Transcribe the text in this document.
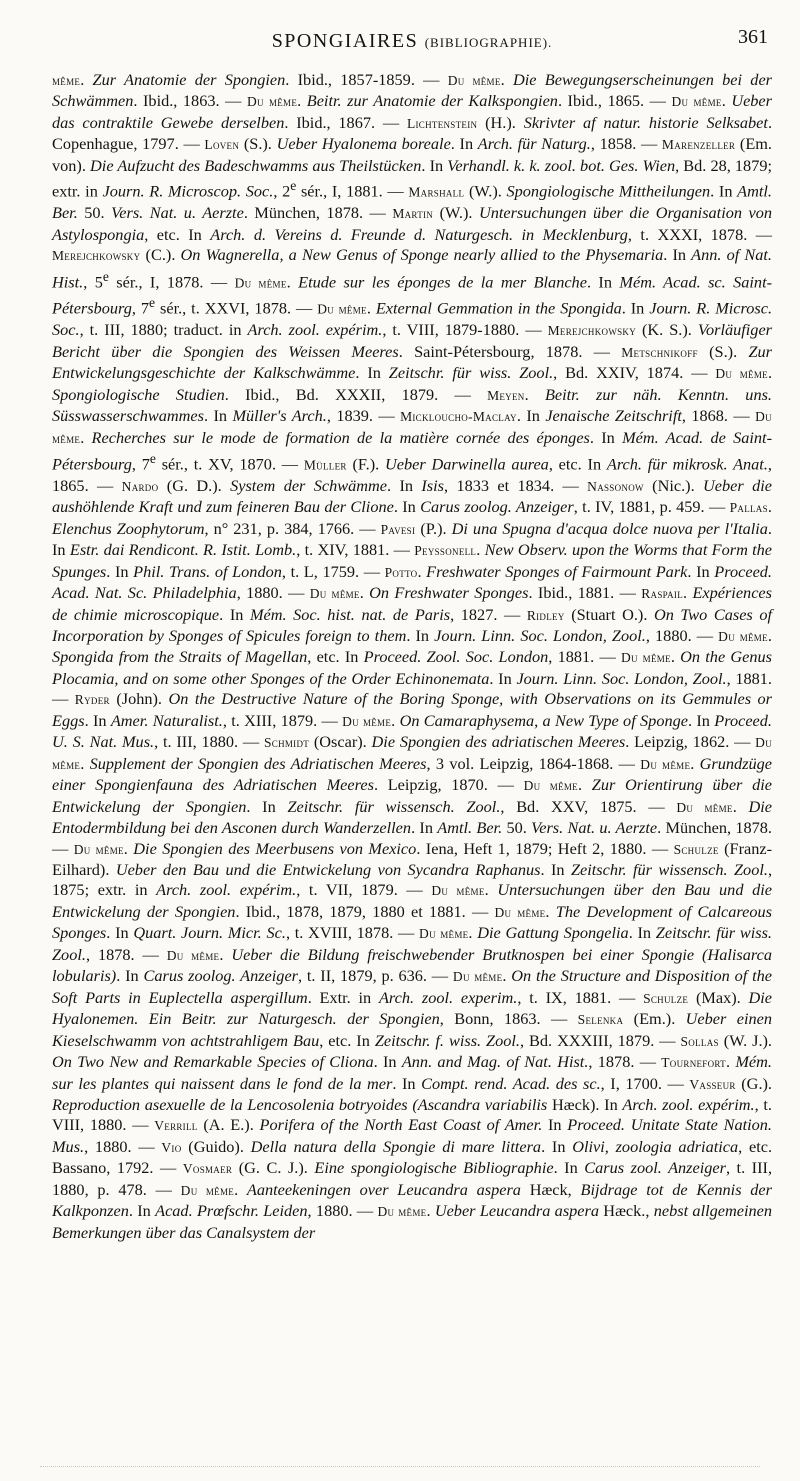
SPONGIAIRES (BIBLIOGRAPHIE).	361
même. Zur Anatomie der Spongien. Ibid., 1857-1859. — Du même. Die Bewegungserscheinungen bei der Schwämmen. Ibid., 1863. — Du même. Beitr. zur Anatomie der Kalkspongien. Ibid., 1865. — Du même. Ueber das contraktile Gewebe derselben. Ibid., 1867. — Lichtenstein (H.). Skrivter af natur. historie Selksabet. Copenhague, 1797. — Loven (S.). Ueber Hyalonema boreale. In Arch. für Naturg., 1858. — Marenzeller (Em. von). Die Aufzucht des Badeschwamms aus Theilstücken. In Verhandl. k. k. zool. bot. Ges. Wien, Bd. 28, 1879; extr. in Journ. R. Microscop. Soc., 2e sér., I, 1881. — Marshall (W.). Spongiologische Mittheilungen. In Amtl. Ber. 50. Vers. Nat. u. Aerzte. München, 1878. — Martin (W.). Untersuchungen über die Organisation von Astylospongia, etc. In Arch. d. Vereins d. Freunde d. Naturgesch. in Mecklenburg, t. XXXI, 1878. — Merejchkowsky (C.). On Wagnerella, a New Genus of Sponge nearly allied to the Physemaria. In Ann. of Nat. Hist., 5e sér., I, 1878. — Du même. Etude sur les éponges de la mer Blanche. In Mém. Acad. sc. Saint-Pétersbourg, 7e sér., t. XXVI, 1878. — Du même. External Gemmation in the Spongida. In Journ. R. Microsc. Soc., t. III, 1880; traduct. in Arch. zool. expérim., t. VIII, 1879-1880. — Merejchkowsky (K. S.). Vorläufiger Bericht über die Spongien des Weissen Meeres. Saint-Pétersbourg, 1878. — Metschnikoff (S.). Zur Entwickelungsgeschichte der Kalkschwämme. In Zeitschr. für wiss. Zool., Bd. XXIV, 1874. — Du même. Spongiologische Studien. Ibid., Bd. XXXII, 1879. — Meyen. Beitr. zur näh. Kenntn. uns. Süsswasserschwammes. In Müller's Arch., 1839. — Mickloucho-Maclay. In Jenaische Zeitschrift, 1868. — Du même. Recherches sur le mode de formation de la matière cornée des éponges. In Mém. Acad. de Saint-Pétersbourg, 7e sér., t. XV, 1870. — Müller (F.). Ueber Darwinella aurea, etc. In Arch. für mikrosk. Anat., 1865. — Nardo (G. D.). System der Schwämme. In Isis, 1833 et 1834. — Nassonow (Nic.). Ueber die aushöhlende Kraft und zum feineren Bau der Clione. In Carus zoolog. Anzeiger, t. IV, 1881, p. 459. — Pallas. Elenchus Zoophytorum, n° 231, p. 384, 1766. — Pavesi (P.). Di una Spugna d'acqua dolce nuova per l'Italia. In Estr. dai Rendicont. R. Istit. Lomb., t. XIV, 1881. — Peyssonell. New Observ. upon the Worms that Form the Spunges. In Phil. Trans. of London, t. L, 1759. — Potto. Freshwater Sponges of Fairmount Park. In Proceed. Acad. Nat. Sc. Philadelphia, 1880. — Du même. On Freshwater Sponges. Ibid., 1881. — Raspail. Expériences de chimie microscopique. In Mém. Soc. hist. nat. de Paris, 1827. — Ridley (Stuart O.). On Two Cases of Incorporation by Sponges of Spicules foreign to them. In Journ. Linn. Soc. London, Zool., 1880. — Du même. Spongida from the Straits of Magellan, etc. In Proceed. Zool. Soc. London, 1881. — Du même. On the Genus Plocamia, and on some other Sponges of the Order Echinonemata. In Journ. Linn. Soc. London, Zool., 1881. — Ryder (John). On the Destructive Nature of the Boring Sponge, with Observations on its Gemmules or Eggs. In Amer. Naturalist., t. XIII, 1879. — Du même. On Camaraphysema, a New Type of Sponge. In Proceed. U. S. Nat. Mus., t. III, 1880. — Schmidt (Oscar). Die Spongien des adriatischen Meeres. Leipzig, 1862. — Du même. Supplement der Spongien des Adriatischen Meeres, 3 vol. Leipzig, 1864-1868. — Du même. Grundzüge einer Spongienfauna des Adriatischen Meeres. Leipzig, 1870. — Du même. Zur Orientirung über die Entwickelung der Spongien. In Zeitschr. für wissensch. Zool., Bd. XXV, 1875. — Du même. Die Entodermbildung bei den Asconen durch Wanderzellen. In Amtl. Ber. 50. Vers. Nat. u. Aerzte. München, 1878. — Du même. Die Spongien des Meerbusens von Mexico. Iena, Heft 1, 1879; Heft 2, 1880. — Schulze (Franz-Eilhard). Ueber den Bau und die Entwickelung von Sycandra Raphanus. In Zeitschr. für wissensch. Zool., 1875; extr. in Arch. zool. expérim., t. VII, 1879. — Du même. Untersuchungen über den Bau und die Entwickelung der Spongien. Ibid., 1878, 1879, 1880 et 1881. — Du même. The Development of Calcareous Sponges. In Quart. Journ. Micr. Sc., t. XVIII, 1878. — Du même. Die Gattung Spongelia. In Zeitschr. für wiss. Zool., 1878. — Du même. Ueber die Bildung freischwebender Brutknospen bei einer Spongie (Halisarca lobularis). In Carus zoolog. Anzeiger, t. II, 1879, p. 636. — Du même. On the Structure and Disposition of the Soft Parts in Euplectella aspergillum. Extr. in Arch. zool. experim., t. IX, 1881. — Schulze (Max). Die Hyalonemen. Ein Beitr. zur Naturgesch. der Spongien, Bonn, 1863. — Selenka (Em.). Ueber einen Kieselschwamm von achtstrahligem Bau, etc. In Zeitschr. f. wiss. Zool., Bd. XXXIII, 1879. — Sollas (W. J.). On Two New and Remarkable Species of Cliona. In Ann. and Mag. of Nat. Hist., 1878. — Tournefort. Mém. sur les plantes qui naissent dans le fond de la mer. In Compt. rend. Acad. des sc., I, 1700. — Vasseur (G.). Reproduction asexuelle de la Lencosolenia botryoides (Ascandra variabilis Hæck). In Arch. zool. expérim., t. VIII, 1880. — Verrill (A. E.). Porifera of the North East Coast of Amer. In Proceed. Unitate State Nation. Mus., 1880. — Vio (Guido). Della natura della Spongie di mare littera. In Olivi, zoologia adriatica, etc. Bassano, 1792. — Vosmaer (G. C. J.). Eine spongiologische Bibliographie. In Carus zool. Anzeiger, t. III, 1880, p. 478. — Du même. Aanteekeningen over Leucandra aspera Hæck, Bijdrage tot de Kennis der Kalkponzen. In Acad. Prœfschr. Leiden, 1880. — Du même. Ueber Leucandra aspera Hæck., nebst allgemeinen Bemerkungen über das Canalsystem der
